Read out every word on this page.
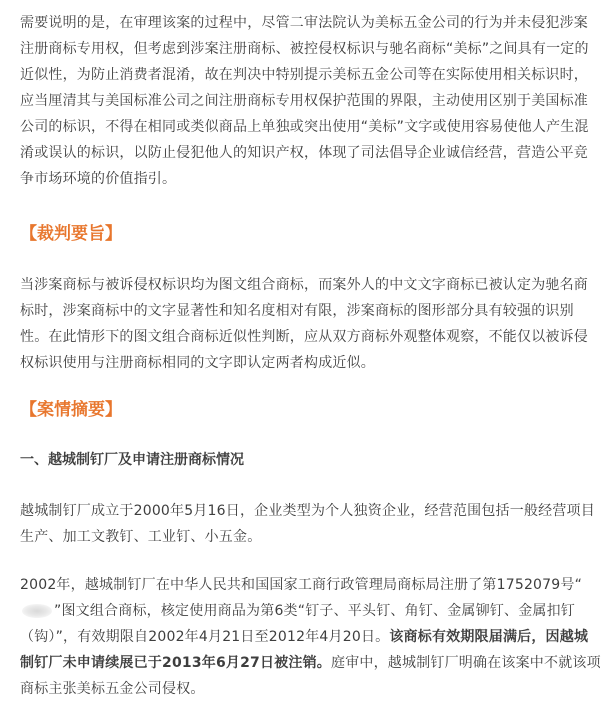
需要说明的是，在审理该案的过程中，尽管二审法院认为美标五金公司的行为并未侵犯涉案注册商标专用权，但考虑到涉案注册商标、被控侵权标识与驰名商标“美标”之间具有一定的近似性，为防止消费者混淆，故在判决中特别提示美标五金公司等在实际使用相关标识时，应当厘清其与美国标准公司之间注册商标专用权保护范围的界限，主动使用区别于美国标准公司的标识，不得在相同或类似商品上单独或突出使用“美标”文字或使用容易使他人产生混淆或误认的标识，以防止侵犯他人的知识产权，体现了司法倡导企业诚信经营，营造公平竞争市场环境的价值指引。

【裁判要旨】

当涉案商标与被诉侵权标识均为图文组合商标，而案外人的中文文字商标已被认定为驰名商标时，涉案商标中的文字显著性和知名度相对有限，涉案商标的图形部分具有较强的识别性。在此情形下的图文组合商标近似性判断，应从双方商标外观整体观察，不能仅以被诉侵权标识使用与注册商标相同的文字即认定两者构成近似。

【案情摘要】

一、越城制钉厂及申请注册商标情况

越城制钉厂成立于2000年5月16日，企业类型为个人独资企业，经营范围包括一般经营项目生产、加工文教钉、工业钉、小五金。

2002年，越城制钉厂在中华人民共和国国家工商行政管理局商标局注册了第1752079号“”图文组合商标，核定使用商品为第6类“钉子、平头钉、角钉、金属铆钉、金属扣钉（钩）”，有效期限自2002年4月21日至2012年4月20日。该商标有效期限届满后，因越城制钉厂未申请续展已于2013年6月27日被注销。庭审中，越城制钉厂明确在该案中不就该项商标主张美标五金公司侵权。
